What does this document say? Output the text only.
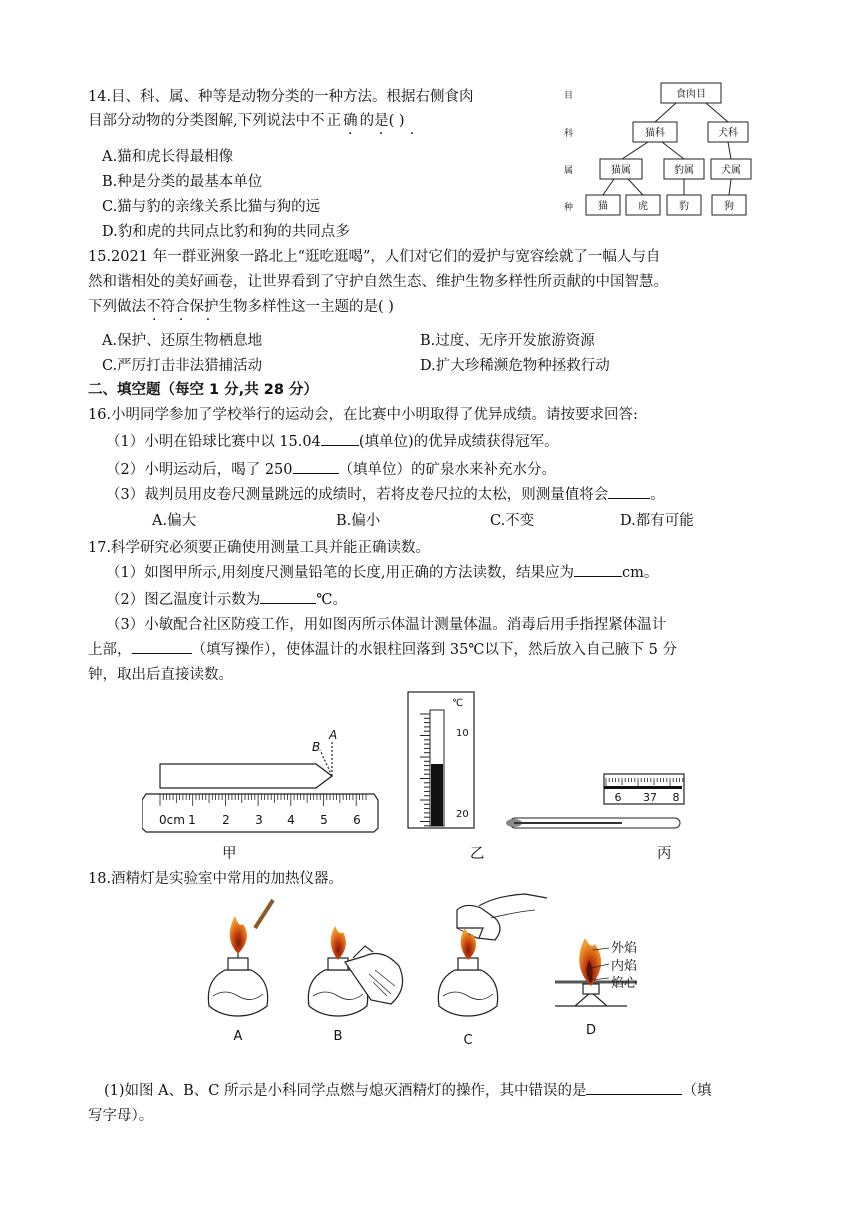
14.目、科、属、种等是动物分类的一种方法。根据右侧食肉
目部分动物的分类图解,下列说法中不正确的是( )
A.猫和虎长得最相像
B.种是分类的最基本单位
C.猫与豹的亲缘关系比猫与狗的远
D.豹和虎的共同点比豹和狗的共同点多
· · ·
目
科
属
种
食肉目
猫科	犬科
猫属	豹属	犬属
猫	虎	豹	狗
15.2021 年一群亚洲象一路北上“逛吃逛喝”，人们对它们的爱护与宽容绘就了一幅人与自
然和谐相处的美好画卷，让世界看到了守护自然生态、维护生物多样性所贡献的中国智慧。
下列做法不符合保护生物多样性这一主题的是( )
· · ·
A.保护、还原生物栖息地	B.过度、无序开发旅游资源
C.严厉打击非法猎捕活动	D.扩大珍稀濒危物种拯救行动
二、填空题（每空 1 分,共 28 分）
16.小明同学参加了学校举行的运动会，在比赛中小明取得了优异成绩。请按要求回答:
（1）小明在铅球比赛中以 15.04	(填单位)的优异成绩获得冠军。
（2）小明运动后，喝了 250	（填单位）的矿泉水来补充水分。
（3）裁判员用皮卷尺测量跳远的成绩时，若将皮卷尺拉的太松，则测量值将会	。
A.偏大	B.偏小	C.不变	D.都有可能
17.科学研究必须要正确使用测量工具并能正确读数。
（1）如图甲所示,用刻度尺测量铅笔的长度,用正确的方法读数，结果应为	cm。
（2）图乙温度计示数为	℃。
（3）小敏配合社区防疫工作，用如图丙所示体温计测量体温。消毒后用手指捏紧体温计
上部，	（填写操作），使体温计的水银柱回落到 35℃以下，然后放入自己腋下 5 分
钟，取出后直接读数。
0cm 1 2 3 4 5 6
B
A
℃
10
20
6 37 8
甲	乙	丙
18.酒精灯是实验室中常用的加热仪器。
外焰
内焰
焰心
A	B	C
D
(1)如图 A、B、C 所示是小科同学点燃与熄灭酒精灯的操作，其中错误的是	（填
写字母）。
